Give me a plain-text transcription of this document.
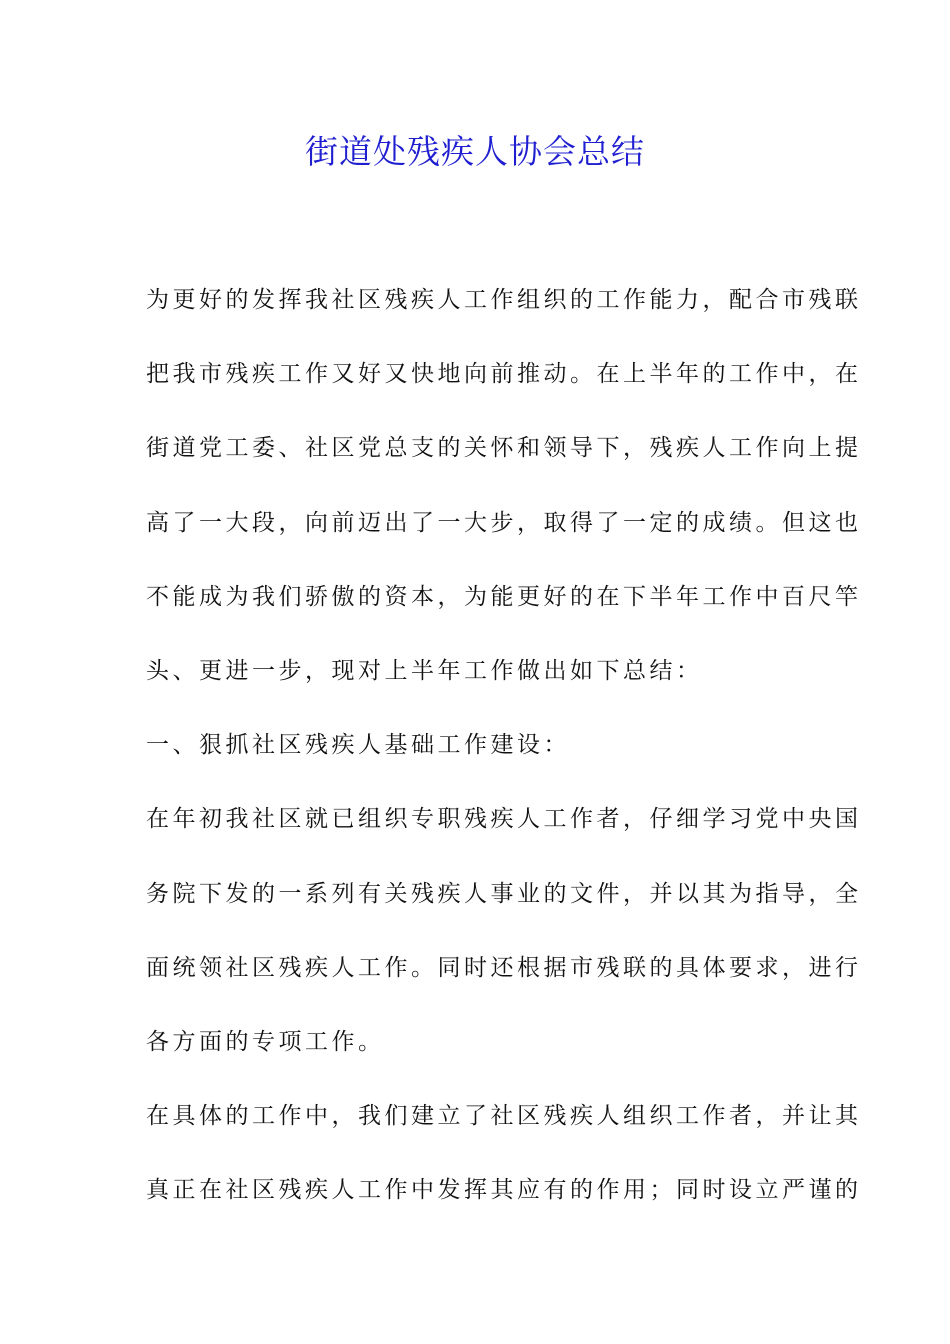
街道处残疾人协会总结
为更好的发挥我社区残疾人工作组织的工作能力，配合市残联
把我市残疾工作又好又快地向前推动。在上半年的工作中，在
街道党工委、社区党总支的关怀和领导下，残疾人工作向上提
高了一大段，向前迈出了一大步，取得了一定的成绩。但这也
不能成为我们骄傲的资本，为能更好的在下半年工作中百尺竿
头、更进一步，现对上半年工作做出如下总结：
一、狠抓社区残疾人基础工作建设：
在年初我社区就已组织专职残疾人工作者，仔细学习党中央国
务院下发的一系列有关残疾人事业的文件，并以其为指导，全
面统领社区残疾人工作。同时还根据市残联的具体要求，进行
各方面的专项工作。
在具体的工作中，我们建立了社区残疾人组织工作者，并让其
真正在社区残疾人工作中发挥其应有的作用；同时设立严谨的
